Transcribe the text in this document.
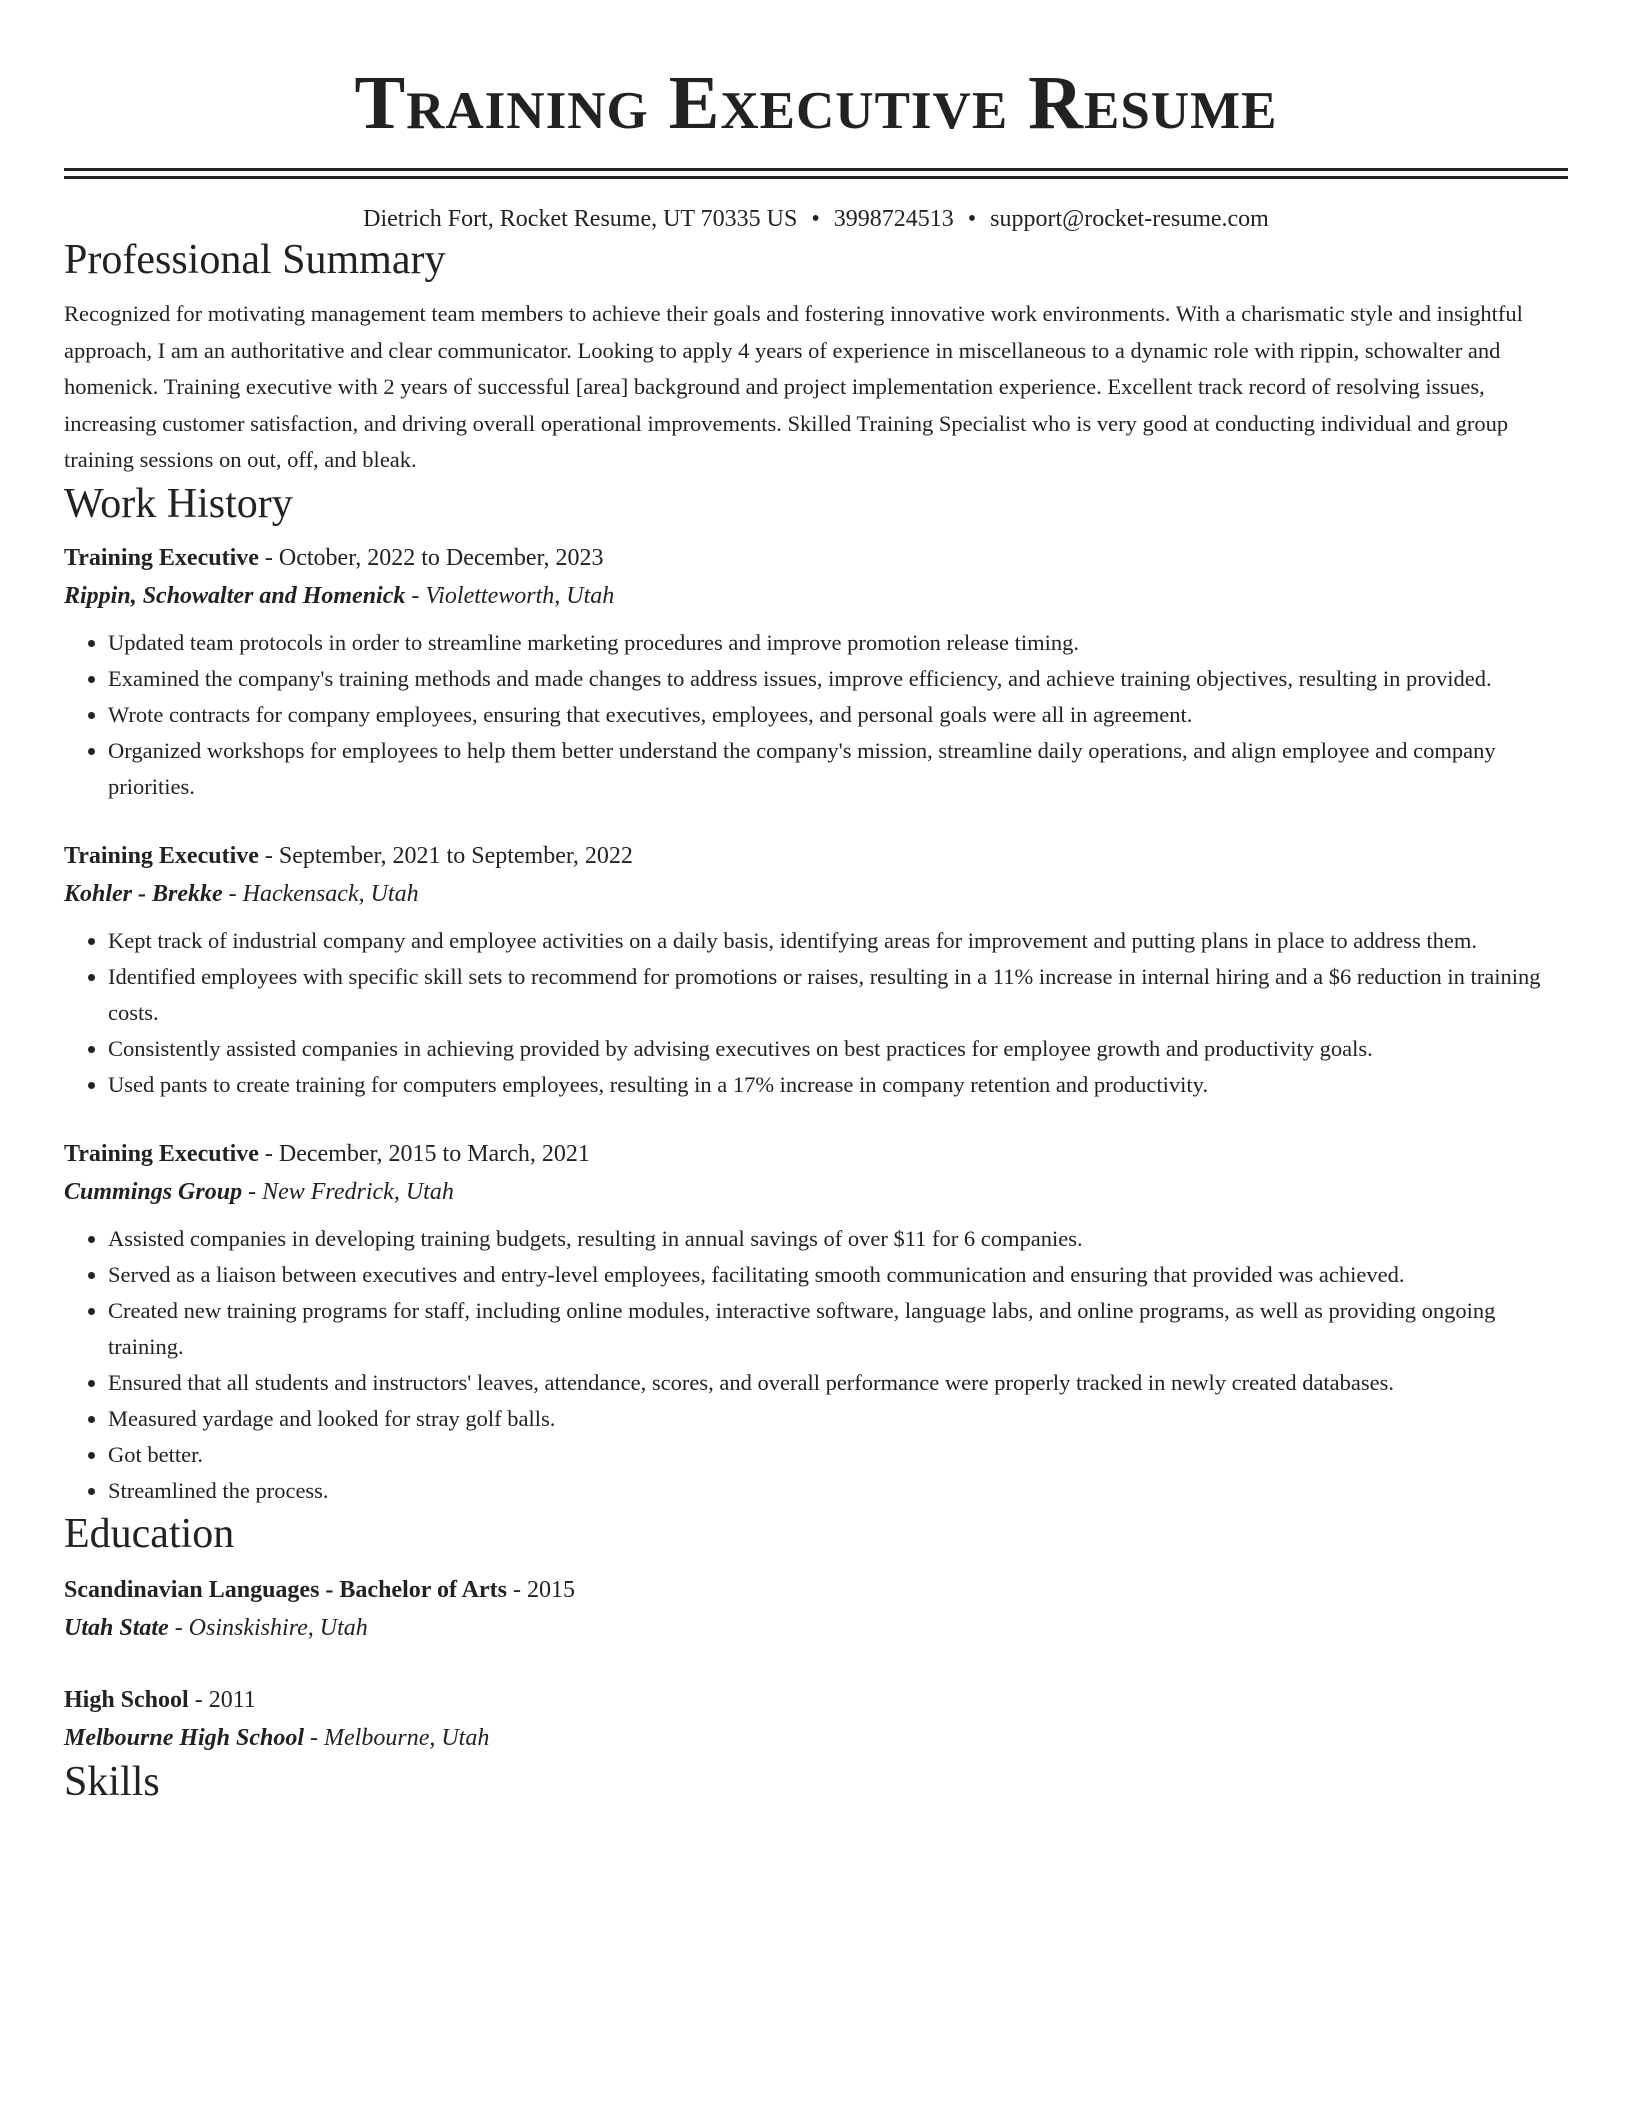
Training Executive Resume
Dietrich Fort, Rocket Resume, UT 70335 US • 3998724513 • support@rocket-resume.com
Professional Summary
Recognized for motivating management team members to achieve their goals and fostering innovative work environments. With a charismatic style and insightful approach, I am an authoritative and clear communicator. Looking to apply 4 years of experience in miscellaneous to a dynamic role with rippin, schowalter and homenick. Training executive with 2 years of successful [area] background and project implementation experience. Excellent track record of resolving issues, increasing customer satisfaction, and driving overall operational improvements. Skilled Training Specialist who is very good at conducting individual and group training sessions on out, off, and bleak.
Work History
Training Executive - October, 2022 to December, 2023
Rippin, Schowalter and Homenick - Violetteworth, Utah
• Updated team protocols in order to streamline marketing procedures and improve promotion release timing.
• Examined the company's training methods and made changes to address issues, improve efficiency, and achieve training objectives, resulting in provided.
• Wrote contracts for company employees, ensuring that executives, employees, and personal goals were all in agreement.
• Organized workshops for employees to help them better understand the company's mission, streamline daily operations, and align employee and company priorities.
Training Executive - September, 2021 to September, 2022
Kohler - Brekke - Hackensack, Utah
• Kept track of industrial company and employee activities on a daily basis, identifying areas for improvement and putting plans in place to address them.
• Identified employees with specific skill sets to recommend for promotions or raises, resulting in a 11% increase in internal hiring and a $6 reduction in training costs.
• Consistently assisted companies in achieving provided by advising executives on best practices for employee growth and productivity goals.
• Used pants to create training for computers employees, resulting in a 17% increase in company retention and productivity.
Training Executive - December, 2015 to March, 2021
Cummings Group - New Fredrick, Utah
• Assisted companies in developing training budgets, resulting in annual savings of over $11 for 6 companies.
• Served as a liaison between executives and entry-level employees, facilitating smooth communication and ensuring that provided was achieved.
• Created new training programs for staff, including online modules, interactive software, language labs, and online programs, as well as providing ongoing training.
• Ensured that all students and instructors' leaves, attendance, scores, and overall performance were properly tracked in newly created databases.
• Measured yardage and looked for stray golf balls.
• Got better.
• Streamlined the process.
Education
Scandinavian Languages - Bachelor of Arts - 2015
Utah State - Osinskishire, Utah
High School - 2011
Melbourne High School - Melbourne, Utah
Skills
